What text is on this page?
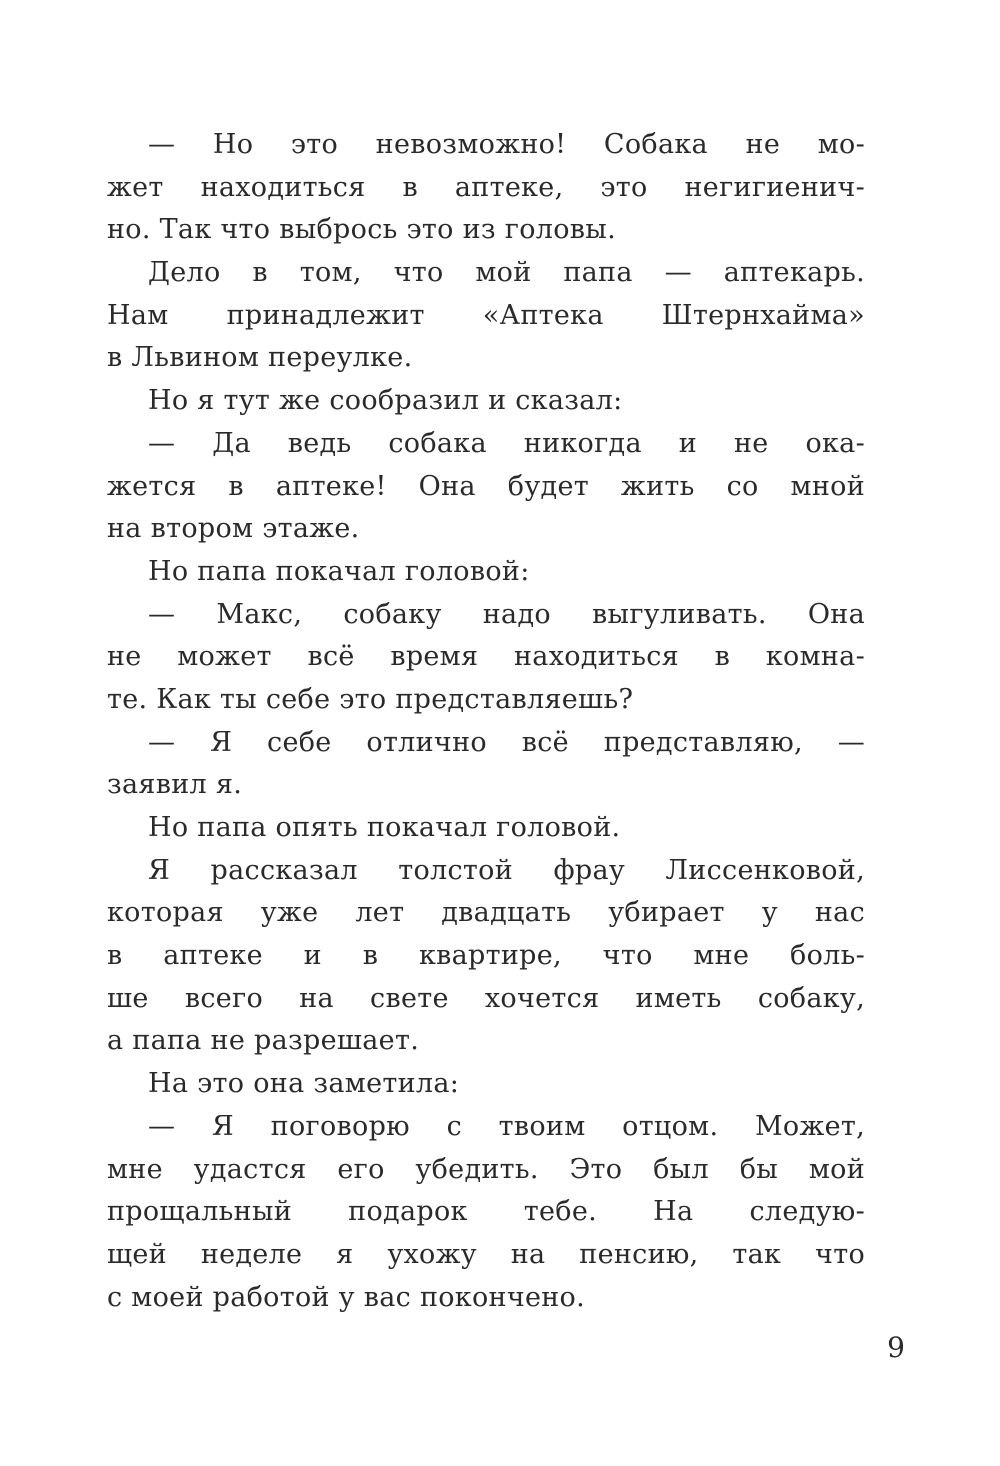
— Но это невозможно! Собака не мо-
жет находиться в аптеке, это негигиенич-
но. Так что выбрось это из головы.
Дело в том, что мой папа — аптекарь.
Нам принадлежит «Аптека Штернхайма»
в Львином переулке.
Но я тут же сообразил и сказал:
— Да ведь собака никогда и не ока-
жется в аптеке! Она будет жить со мной
на втором этаже.
Но папа покачал головой:
— Макс, собаку надо выгуливать. Она
не может всё время находиться в комна-
те. Как ты себе это представляешь?
— Я себе отлично всё представляю, —
заявил я.
Но папа опять покачал головой.
Я рассказал толстой фрау Лиссенковой,
которая уже лет двадцать убирает у нас
в аптеке и в квартире, что мне боль-
ше всего на свете хочется иметь собаку,
а папа не разрешает.
На это она заметила:
— Я поговорю с твоим отцом. Может,
мне удастся его убедить. Это был бы мой
прощальный подарок тебе. На следую-
щей неделе я ухожу на пенсию, так что
с моей работой у вас покончено.
9
